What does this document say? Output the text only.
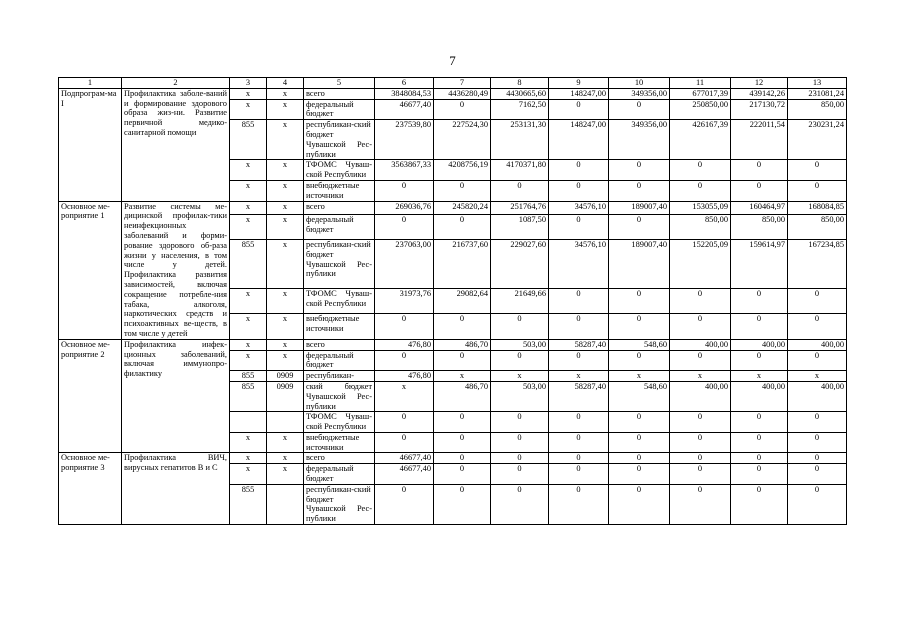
7
1	2	3	4	5	6	7	8	9	10	11	12	13
Подпрограм-ма I	Профилактика заболе-ваний и формирование здорового образа жиз-ни. Развитие первичной медико-санитарной помощи	х	х	всего	3848084,53	4436280,49	4430665,60	148247,00	349356,00	677017,39	439142,26	231081,24
		х	х	федеральный бюджет	46677,40	0	7162,50	0	0	250850,00	217130,72	850,00
		855	х	республикан-ский бюджет Чувашской Рес-публики	237539,80	227524,30	253131,30	148247,00	349356,00	426167,39	222011,54	230231,24
		х	х	ТФОМС Чуваш-ской Республики	3563867,33	4208756,19	4170371,80	0	0	0	0	0
		х	х	внебюджетные источники	0	0	0	0	0	0	0	0
Основное ме-роприятие 1	Развитие системы ме-дицинской профилак-тики неинфекционных заболеваний и форми-рование здорового об-раза жизни у населения, в том числе у детей. Профилактика развития зависимостей, включая сокращение потребле-ния табака, алкоголя, наркотических средств и психоактивных ве-ществ, в том числе у детей	х	х	всего	269036,76	245820,24	251764,76	34576,10	189007,40	153055,09	160464,97	168084,85
		х	х	федеральный бюджет	0	0	1087,50	0	0	850,00	850,00	850,00
		855	х	республикан-ский бюджет Чувашской Рес-публики	237063,00	216737,60	229027,60	34576,10	189007,40	152205,09	159614,97	167234,85
		х	х	ТФОМС Чуваш-ской Республики	31973,76	29082,64	21649,66	0	0	0	0	0
		х	х	внебюджетные источники	0	0	0	0	0	0	0	0
Основное ме-роприятие 2	Профилактика инфек-ционных заболеваний, включая иммунопро-филактику	х	х	всего	476,80	486,70	503,00	58287,40	548,60	400,00	400,00	400,00
		х	х	федеральный бюджет	0	0	0	0	0	0	0	0
		855	0909	республикан-	476,80	х	х	х	х	х	х	х
		855	0909	ский бюджет Чувашской Рес-публики	х	486,70	503,00	58287,40	548,60	400,00	400,00	400,00
				ТФОМС Чуваш-ской Республики	0	0	0	0	0	0	0	0
		х	х	внебюджетные источники	0	0	0	0	0	0	0	0
Основное ме-роприятие 3	Профилактика ВИЧ, вирусных гепатитов В и С	х	х	всего	46677,40	0	0	0	0	0	0	0
		х	х	федеральный бюджет	46677,40	0	0	0	0	0	0	0
		855		республикан-ский бюджет Чувашской Рес-публики	0	0	0	0	0	0	0	0
